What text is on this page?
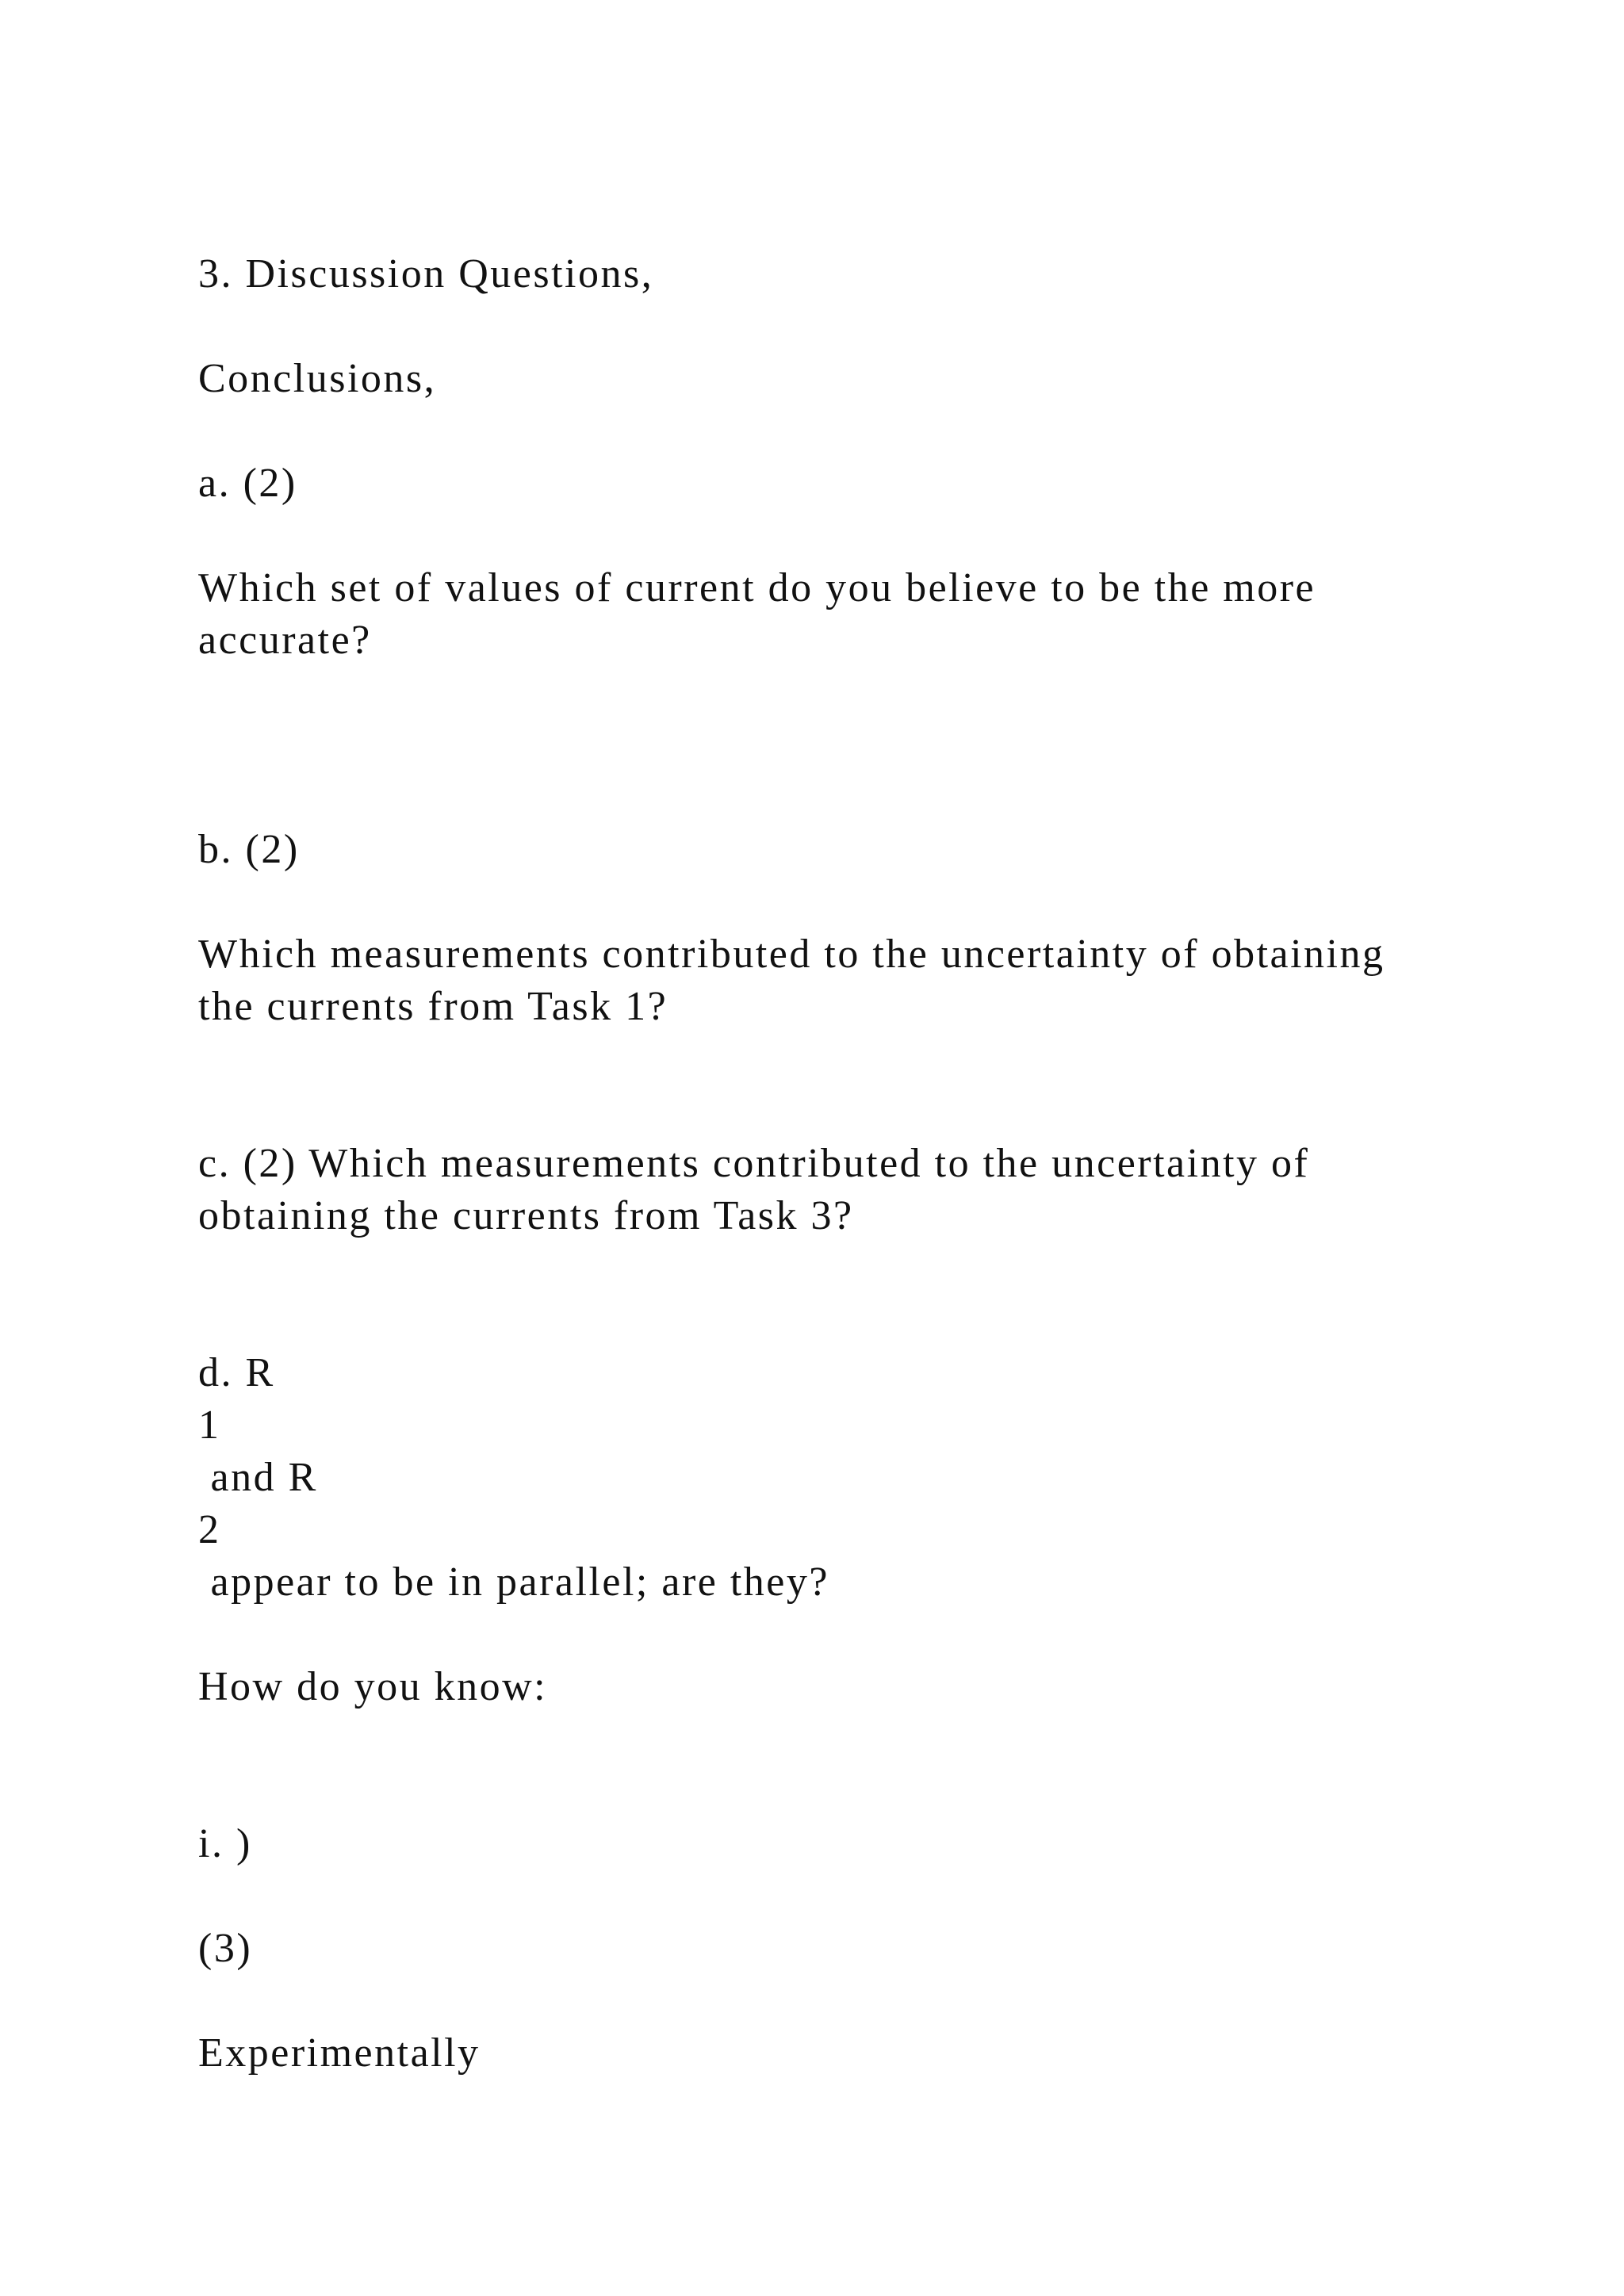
3. Discussion Questions,
Conclusions,
a. (2)
Which set of values of current do you believe to be the more
accurate?
b. (2)
Which measurements contributed to the uncertainty of obtaining
the currents from Task 1?
c. (2) Which measurements contributed to the uncertainty of
obtaining the currents from Task 3?
d. R
1
and R
2
appear to be in parallel; are they?
How do you know:
i. )
(3)
Experimentally
